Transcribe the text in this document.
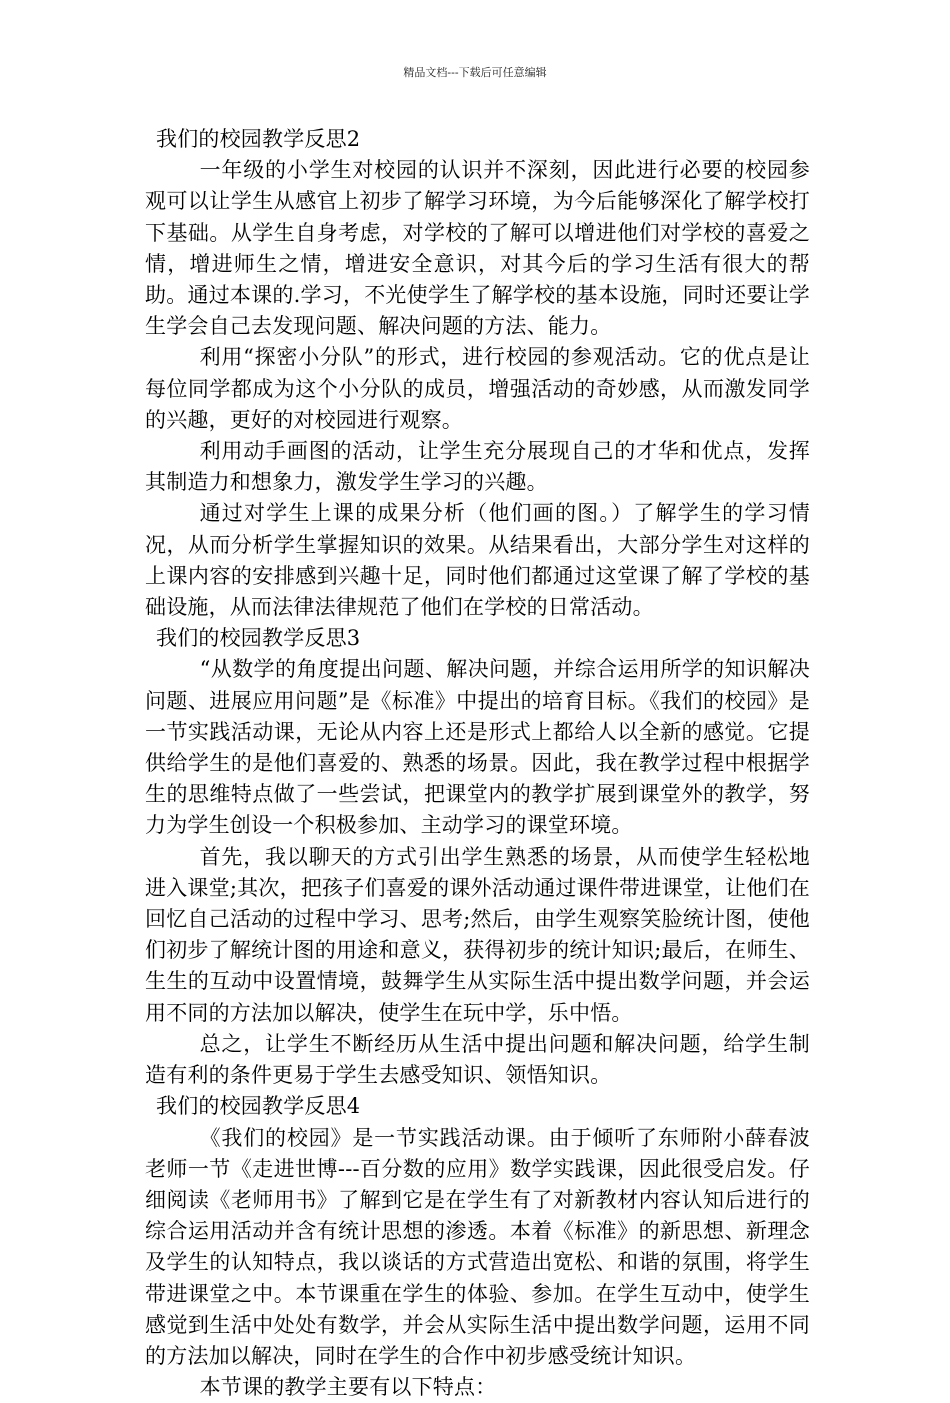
精品文档---下载后可任意编辑

我们的校园教学反思2

一年级的小学生对校园的认识并不深刻，因此进行必要的校园参观可以让学生从感官上初步了解学习环境，为今后能够深化了解学校打下基础。从学生自身考虑，对学校的了解可以增进他们对学校的喜爱之情，增进师生之情，增进安全意识，对其今后的学习生活有很大的帮助。通过本课的.学习，不光使学生了解学校的基本设施，同时还要让学生学会自己去发现问题、解决问题的方法、能力。

利用“探密小分队”的形式，进行校园的参观活动。它的优点是让每位同学都成为这个小分队的成员，增强活动的奇妙感，从而激发同学的兴趣，更好的对校园进行观察。

利用动手画图的活动，让学生充分展现自己的才华和优点，发挥其制造力和想象力，激发学生学习的兴趣。

通过对学生上课的成果分析（他们画的图。）了解学生的学习情况，从而分析学生掌握知识的效果。从结果看出，大部分学生对这样的上课内容的安排感到兴趣十足，同时他们都通过这堂课了解了学校的基础设施，从而法律法律规范了他们在学校的日常活动。

我们的校园教学反思3

“从数学的角度提出问题、解决问题，并综合运用所学的知识解决问题、进展应用问题”是《标准》中提出的培育目标。《我们的校园》是一节实践活动课，无论从内容上还是形式上都给人以全新的感觉。它提供给学生的是他们喜爱的、熟悉的场景。因此，我在教学过程中根据学生的思维特点做了一些尝试，把课堂内的教学扩展到课堂外的教学，努力为学生创设一个积极参加、主动学习的课堂环境。

首先，我以聊天的方式引出学生熟悉的场景，从而使学生轻松地进入课堂;其次，把孩子们喜爱的课外活动通过课件带进课堂，让他们在回忆自己活动的过程中学习、思考;然后，由学生观察笑脸统计图，使他们初步了解统计图的用途和意义，获得初步的统计知识;最后，在师生、生生的互动中设置情境，鼓舞学生从实际生活中提出数学问题，并会运用不同的方法加以解决，使学生在玩中学，乐中悟。

总之，让学生不断经历从生活中提出问题和解决问题，给学生制造有利的条件更易于学生去感受知识、领悟知识。

我们的校园教学反思4

《我们的校园》是一节实践活动课。由于倾听了东师附小薛春波老师一节《走进世博---百分数的应用》数学实践课，因此很受启发。仔细阅读《老师用书》了解到它是在学生有了对新教材内容认知后进行的综合运用活动并含有统计思想的渗透。本着《标准》的新思想、新理念及学生的认知特点，我以谈话的方式营造出宽松、和谐的氛围，将学生带进课堂之中。本节课重在学生的体验、参加。在学生互动中，使学生感觉到生活中处处有数学，并会从实际生活中提出数学问题，运用不同的方法加以解决，同时在学生的合作中初步感受统计知识。

本节课的教学主要有以下特点：
